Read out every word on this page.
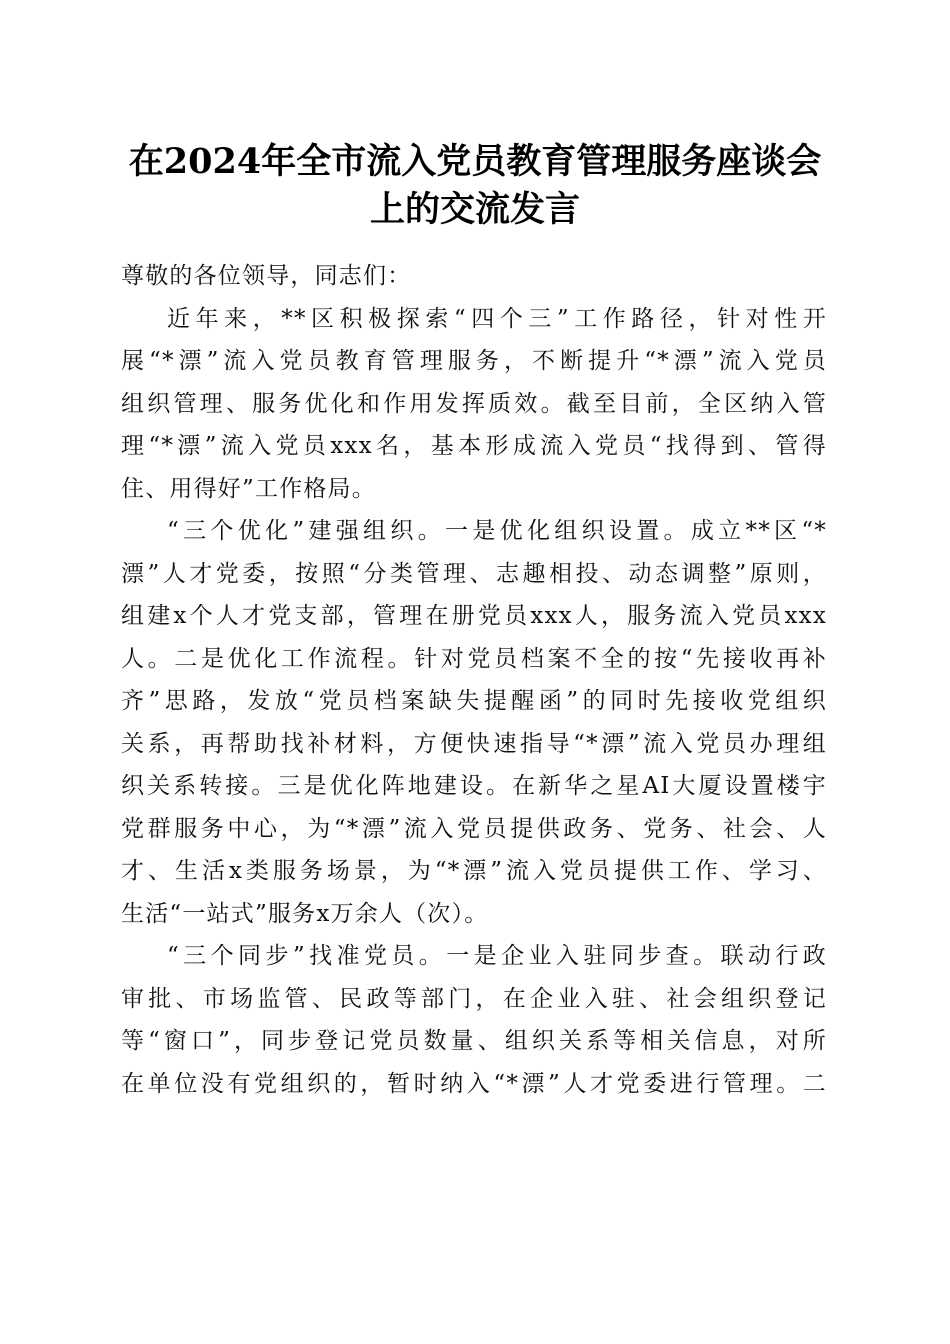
在2024年全市流入党员教育管理服务座谈会
上的交流发言
尊敬的各位领导，同志们：
近年来，**区积极探索“四个三”工作路径，针对性开
展“*漂”流入党员教育管理服务，不断提升“*漂”流入党员
组织管理、服务优化和作用发挥质效。截至目前，全区纳入管
理“*漂”流入党员xxx名，基本形成流入党员“找得到、管得
住、用得好”工作格局。
“三个优化”建强组织。一是优化组织设置。成立**区“*
漂”人才党委，按照“分类管理、志趣相投、动态调整”原则，
组建x个人才党支部，管理在册党员xxx人，服务流入党员xxx
人。二是优化工作流程。针对党员档案不全的按“先接收再补
齐”思路，发放“党员档案缺失提醒函”的同时先接收党组织
关系，再帮助找补材料，方便快速指导“*漂”流入党员办理组
织关系转接。三是优化阵地建设。在新华之星AI大厦设置楼宇
党群服务中心，为“*漂”流入党员提供政务、党务、社会、人
才、生活x类服务场景，为“*漂”流入党员提供工作、学习、
生活“一站式”服务x万余人（次）。
“三个同步”找准党员。一是企业入驻同步查。联动行政
审批、市场监管、民政等部门，在企业入驻、社会组织登记
等“窗口”，同步登记党员数量、组织关系等相关信息，对所
在单位没有党组织的，暂时纳入“*漂”人才党委进行管理。二
